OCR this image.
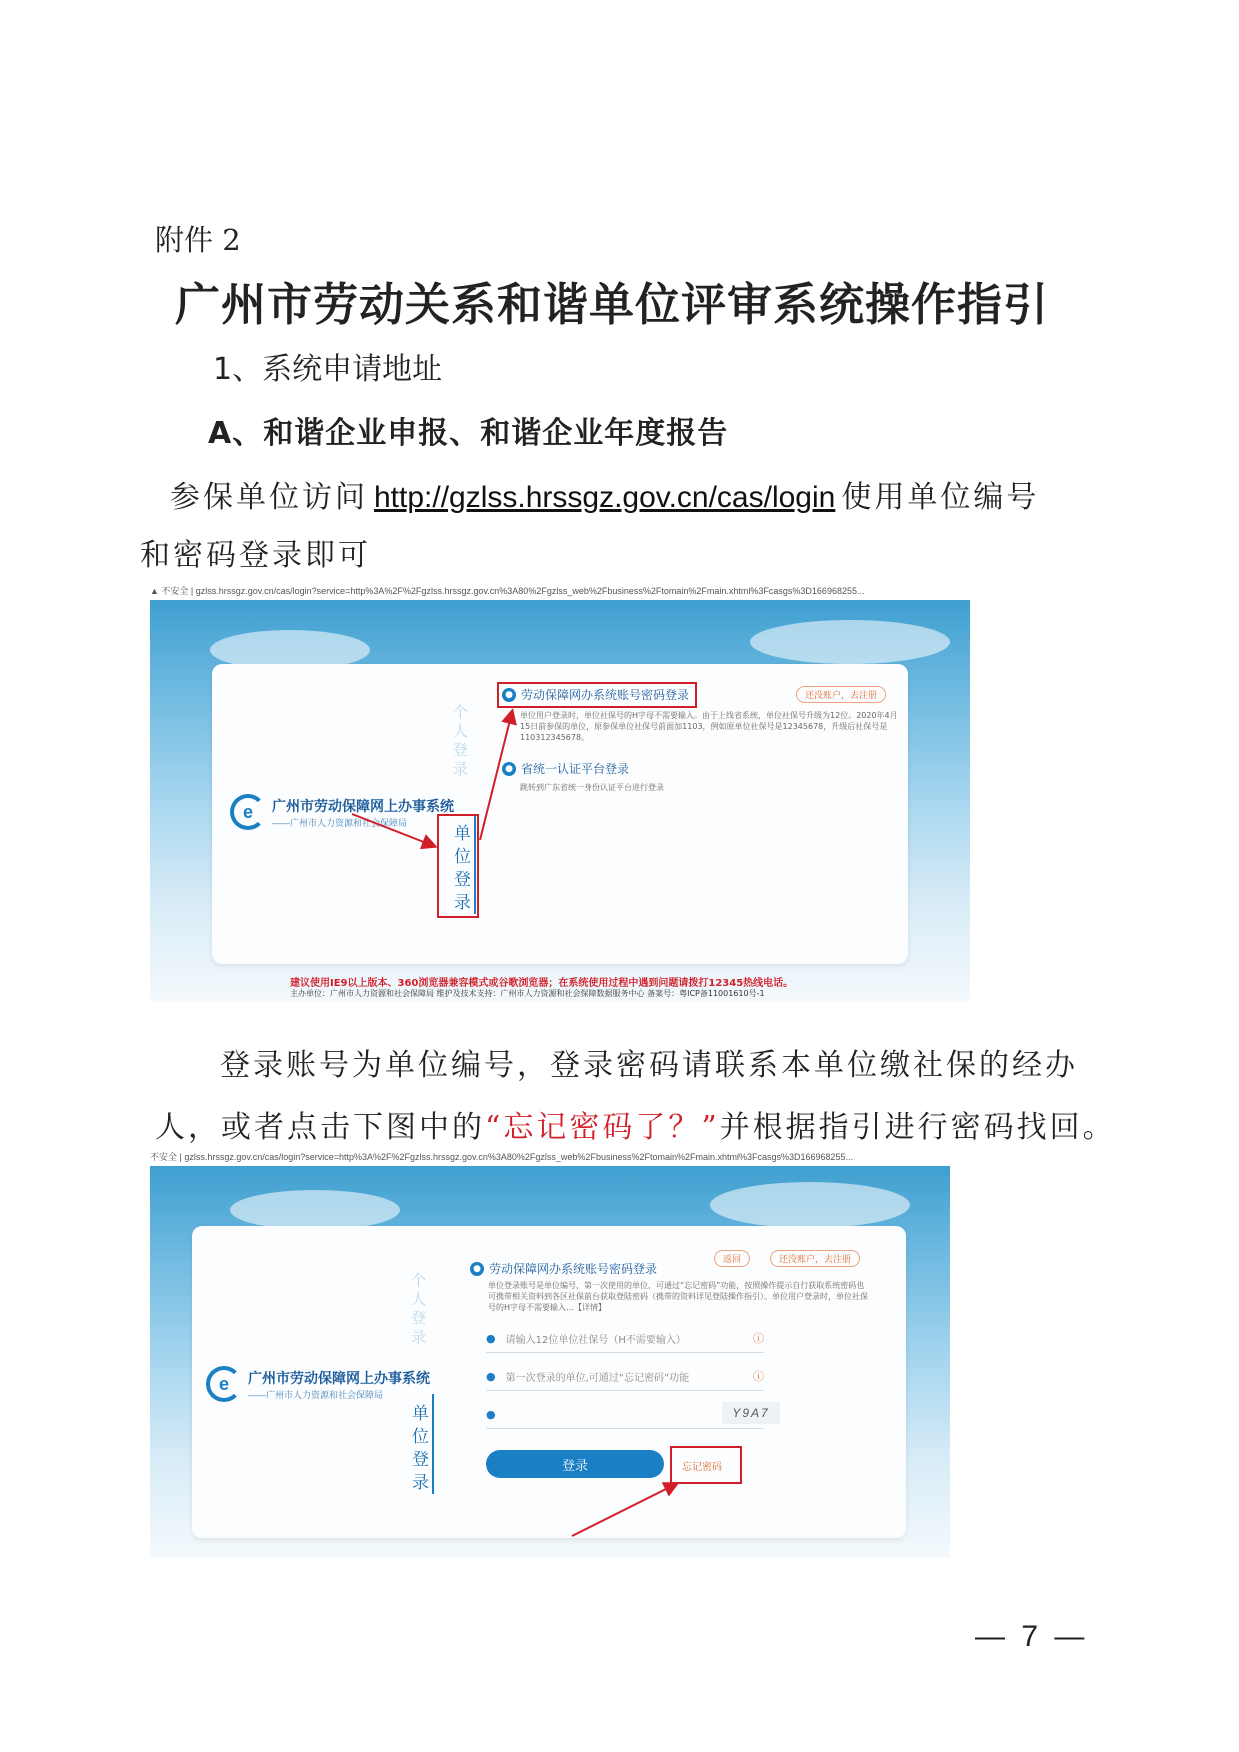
附件 2
广州市劳动关系和谐单位评审系统操作指引
1、系统申请地址
A、和谐企业申报、和谐企业年度报告
参保单位访问 http://gzlss.hrssgz.gov.cn/cas/login 使用单位编号
和密码登录即可
▲ 不安全 | gzlss.hrssgz.gov.cn/cas/login?service=http%3A%2F%2Fgzlss.hrssgz.gov.cn%3A80%2Fgzlss_web%2Fbusiness%2Ftomain%2Fmain.xhtml%3Fcasgs%3D166968255...
e	广州市劳动保障网上办事系统
——广州市人力资源和社会保障局
个人登录
单位登录
● 劳动保障网办系统账号密码登录
单位用户登录时，单位社保号的H字母不需要输入。由于上线省系统，单位社保号升级为12位。2020年4月15日前参保的单位，原参保单位社保号前面加1103，例如原单位社保号是12345678，升级后社保号是110312345678。
● 省统一认证平台登录
跳转到广东省统一身份认证平台进行登录
还没账户，去注册
建议使用IE9以上版本、360浏览器兼容模式或谷歌浏览器；在系统使用过程中遇到问题请拨打12345热线电话。
主办单位：广州市人力资源和社会保障局 维护及技术支持：广州市人力资源和社会保障数据服务中心 备案号：粤ICP备11001610号-1
登录账号为单位编号，登录密码请联系本单位缴社保的经办
人，或者点击下图中的“忘记密码了？”并根据指引进行密码找回。
不安全 | gzlss.hrssgz.gov.cn/cas/login?service=http%3A%2F%2Fgzlss.hrssgz.gov.cn%3A80%2Fgzlss_web%2Fbusiness%2Ftomain%2Fmain.xhtml%3Fcasgs%3D166968255...
e	广州市劳动保障网上办事系统
——广州市人力资源和社会保障局
个人登录
单位登录
● 劳动保障网办系统账号密码登录
返回	还没账户，去注册
单位登录账号是单位编号，第一次使用的单位，可通过“忘记密码”功能，按照操作提示自行获取系统密码也可携带相关资料到各区社保前台获取登陆密码（携带的资料详见登陆操作指引）。单位用户登录时，单位社保号的H字母不需要输入…【详情】
● 请输入12位单位社保号（H不需要输入）	ⓘ
● 第一次登录的单位,可通过“忘记密码”功能	ⓘ
●	Y9A7
登录	忘记密码
— 7 —
